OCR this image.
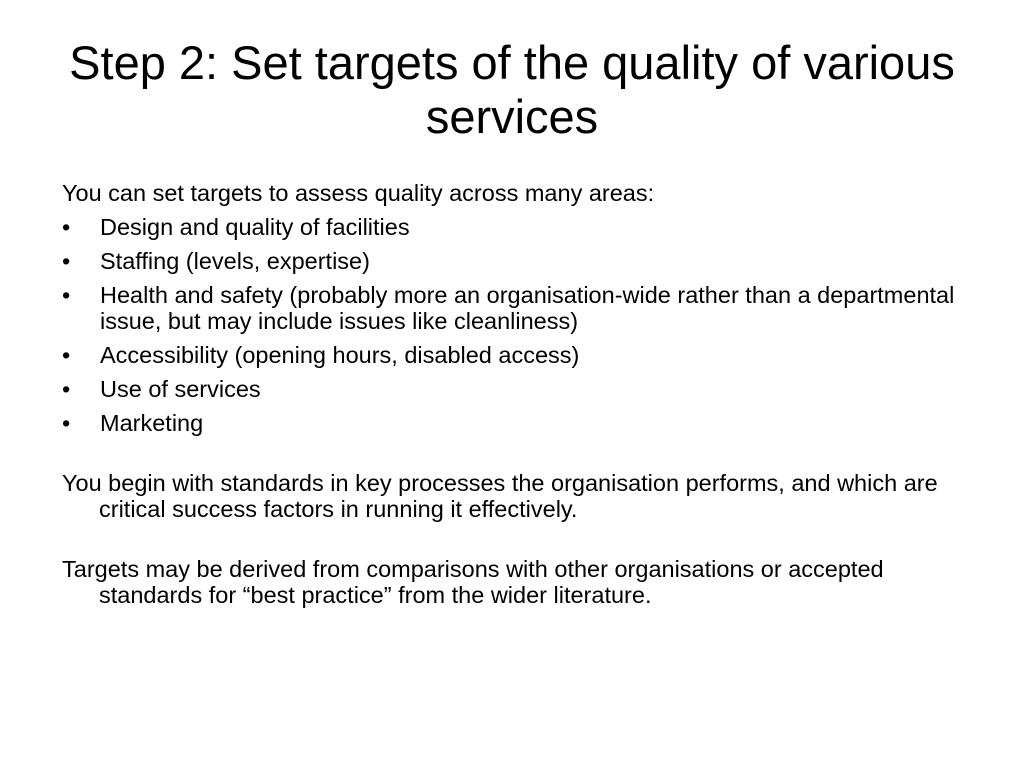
Step 2: Set targets of the quality of various services

You can set targets to assess quality across many areas:

• Design and quality of facilities
• Staffing (levels, expertise)
• Health and safety (probably more an organisation-wide rather than a departmental issue, but may include issues like cleanliness)
• Accessibility (opening hours, disabled access)
• Use of services
• Marketing

You begin with standards in key processes the organisation performs, and which are critical success factors in running it effectively.

Targets may be derived from comparisons with other organisations or accepted standards for “best practice” from the wider literature.
